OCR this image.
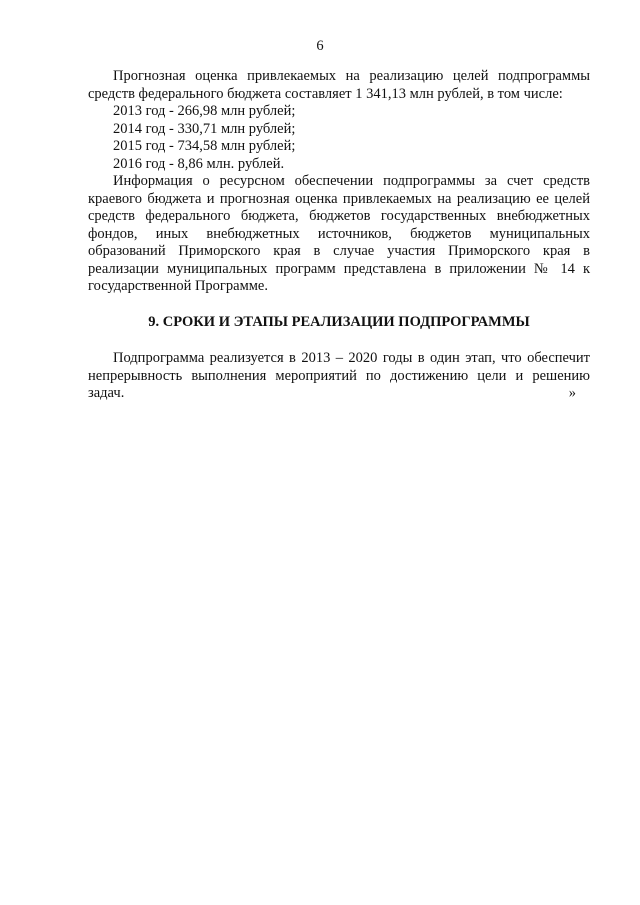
6

Прогнозная оценка привлекаемых на реализацию целей подпрограммы средств федерального бюджета составляет 1 341,13 млн рублей, в том числе:

2013 год - 266,98 млн рублей;

2014 год - 330,71 млн рублей;

2015 год - 734,58 млн рублей;

2016 год - 8,86 млн. рублей.

Информация о ресурсном обеспечении подпрограммы за счет средств краевого бюджета и прогнозная оценка привлекаемых на реализацию ее целей средств федерального бюджета, бюджетов государственных внебюджетных фондов, иных внебюджетных источников, бюджетов муниципальных образований Приморского края в случае участия Приморского края в реализации муниципальных программ представлена в приложении № 14 к государственной Программе.

9. СРОКИ И ЭТАПЫ РЕАЛИЗАЦИИ ПОДПРОГРАММЫ

Подпрограмма реализуется в 2013 – 2020 годы в один этап, что обеспечит непрерывность выполнения мероприятий по достижению цели и решению задач.	»
